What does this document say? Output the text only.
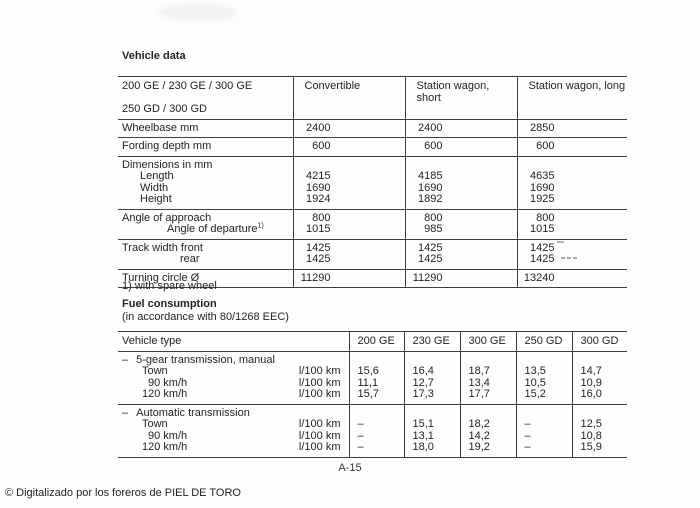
Vehicle data
200 GE / 230 GE / 300 GE	Convertible	Station wagon, short	Station wagon, long
250 GD / 300 GD			
Wheelbase mm	2400	2400	2850
Fording depth mm	600	600	600
Dimensions in mm			
Length	4215	4185	4635
Width	1690	1690	1690
Height	1924	1892	1925
Angle of approach	800	800	800
Angle of departure$^{1)}$	1015	985	1015
Track width front	1425	1425	1425
rear	1425	1425	1425
Turning circle Ø	11290	11290	13240
1) with spare wheel
Fuel consumption
(in accordance with 80/1268 EEC)
Vehicle type	200 GE	230 GE	300 GE	250 GD	300 GD
– 5-gear transmission, manual					

Town l/100 km	15,6	16,4	18,7	13,5	14,7

90 km/h l/100 km	11,1	12,7	13,4	10,5	10,9

120 km/h l/100 km	15,7	17,3	17,7	15,2	16,0
– Automatic transmission					

Town l/100 km	–	15,1	18,2	–	12,5

90 km/h l/100 km	–	13,1	14,2	–	10,8

120 km/h l/100 km	–	18,0	19,2	–	15,9
A-15
© Digitalizado por los foreros de PIEL DE TORO
